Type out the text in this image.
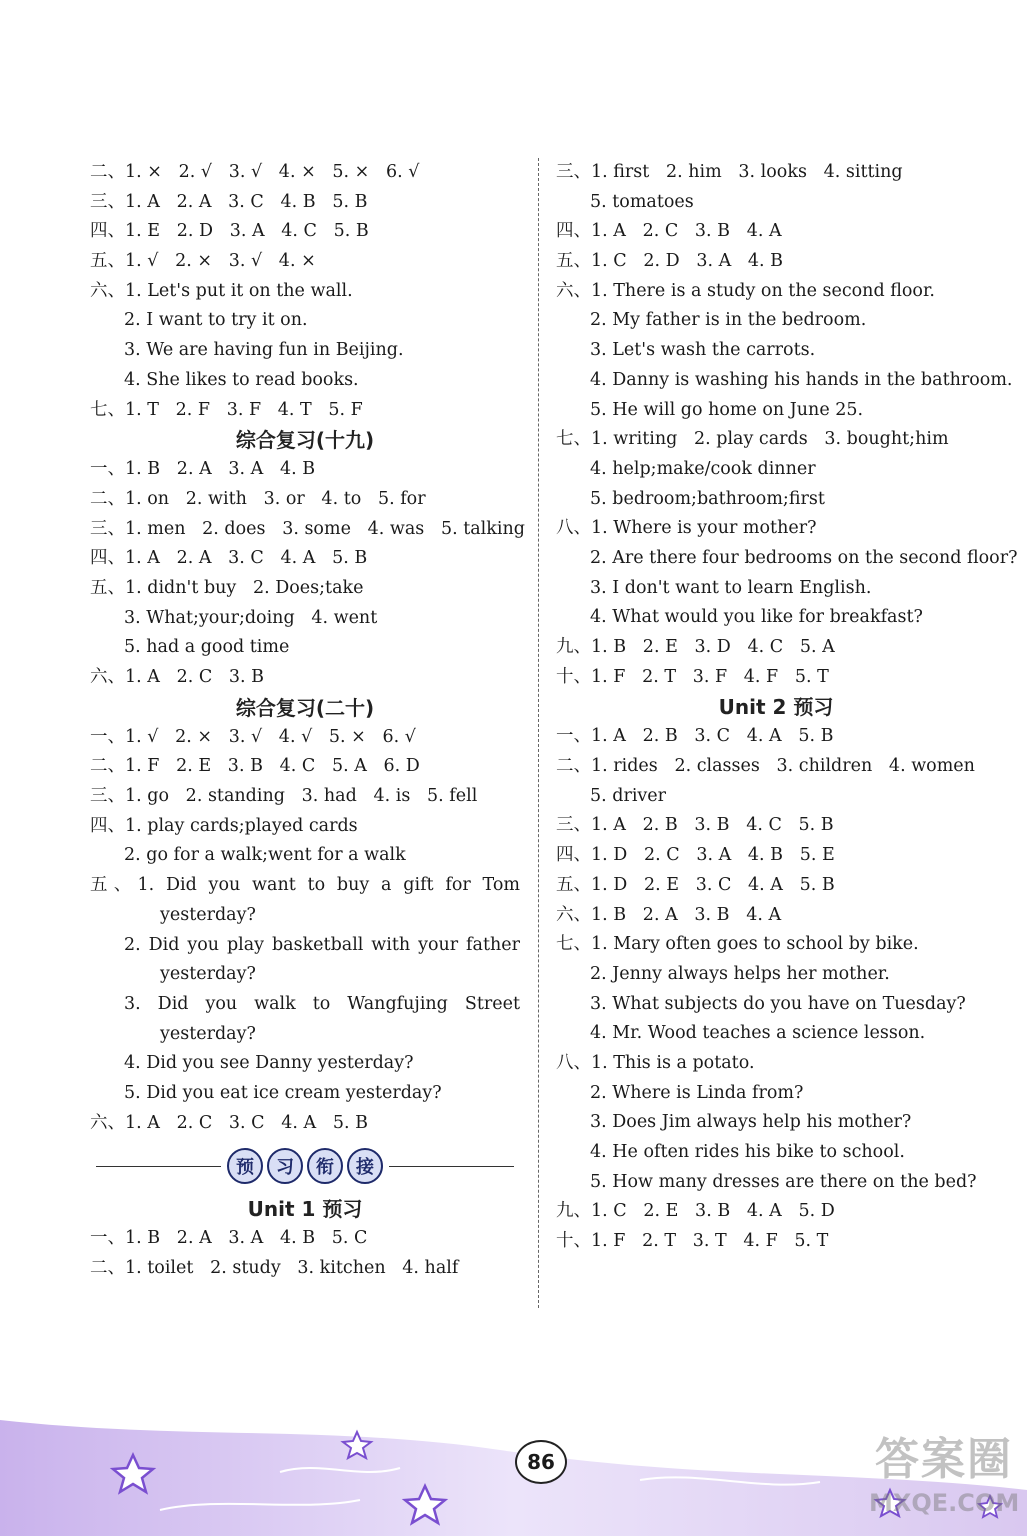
二、1. ×   2. √   3. √   4. ×   5. ×   6. √
三、1. A   2. A   3. C   4. B   5. B
四、1. E   2. D   3. A   4. C   5. B
五、1. √   2. ×   3. √   4. ×
六、1. Let's put it on the wall.
2. I want to try it on.
3. We are having fun in Beijing.
4. She likes to read books.
七、1. T   2. F   3. F   4. T   5. F
综合复习(十九)
一、1. B   2. A   3. A   4. B
二、1. on   2. with   3. or   4. to   5. for
三、1. men   2. does   3. some   4. was   5. talking
四、1. A   2. A   3. C   4. A   5. B
五、1. didn't buy   2. Does;take
3. What;your;doing   4. went
5. had a good time
六、1. A   2. C   3. B
综合复习(二十)
一、1. √   2. ×   3. √   4. √   5. ×   6. √
二、1. F   2. E   3. B   4. C   5. A   6. D
三、1. go   2. standing   3. had   4. is   5. fell
四、1. play cards;played cards
2. go for a walk;went for a walk
五、1. Did you want to buy a gift for Tom
yesterday?
2. Did you play basketball with your father
yesterday?
3. Did you walk to Wangfujing Street
yesterday?
4. Did you see Danny yesterday?
5. Did you eat ice cream yesterday?
六、1. A   2. C   3. C   4. A   5. B
预	习	衔	接
Unit 1 预习
一、1. B   2. A   3. A   4. B   5. C
二、1. toilet   2. study   3. kitchen   4. half
三、1. first   2. him   3. looks   4. sitting
5. tomatoes
四、1. A   2. C   3. B   4. A
五、1. C   2. D   3. A   4. B
六、1. There is a study on the second floor.
2. My father is in the bedroom.
3. Let's wash the carrots.
4. Danny is washing his hands in the bathroom.
5. He will go home on June 25.
七、1. writing   2. play cards   3. bought;him
4. help;make/cook dinner
5. bedroom;bathroom;first
八、1. Where is your mother?
2. Are there four bedrooms on the second floor?
3. I don't want to learn English.
4. What would you like for breakfast?
九、1. B   2. E   3. D   4. C   5. A
十、1. F   2. T   3. F   4. F   5. T
Unit 2 预习
一、1. A   2. B   3. C   4. A   5. B
二、1. rides   2. classes   3. children   4. women
5. driver
三、1. A   2. B   3. B   4. C   5. B
四、1. D   2. C   3. A   4. B   5. E
五、1. D   2. E   3. C   4. A   5. B
六、1. B   2. A   3. B   4. A
七、1. Mary often goes to school by bike.
2. Jenny always helps her mother.
3. What subjects do you have on Tuesday?
4. Mr. Wood teaches a science lesson.
八、1. This is a potato.
2. Where is Linda from?
3. Does Jim always help his mother?
4. He often rides his bike to school.
5. How many dresses are there on the bed?
九、1. C   2. E   3. B   4. A   5. D
十、1. F   2. T   3. T   4. F   5. T
86	答案圈
MXQE.COM
